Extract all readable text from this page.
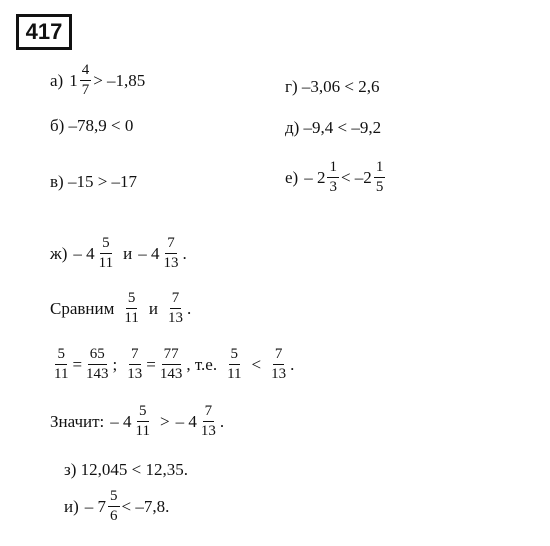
417
а) $1 \frac{4}{7} > -1,85$	г) –3,06 < 2,6
б) –78,9 < 0	д) –9,4 < –9,2
в) –15 > –17	$е) - 2 \frac{1}{3} < -2 \frac{1}{5}$
$ж) - 4 \frac{5}{11}$ и – $4 \frac{7}{13}$ .
Сравним $\frac{5}{11}$ и $\frac{7}{13}$ .
$\frac{5}{11} = \frac{65}{143}$ ; $\frac{7}{13} = \frac{77}{143}$ , т.е. $\frac{5}{11} < \frac{7}{13}$ .
Значит: – $4 \frac{5}{11}$ > – $4 \frac{7}{13}$ .
з) 12,045 < 12,35.
$и) - 7 \frac{5}{6} < -7,8$.
